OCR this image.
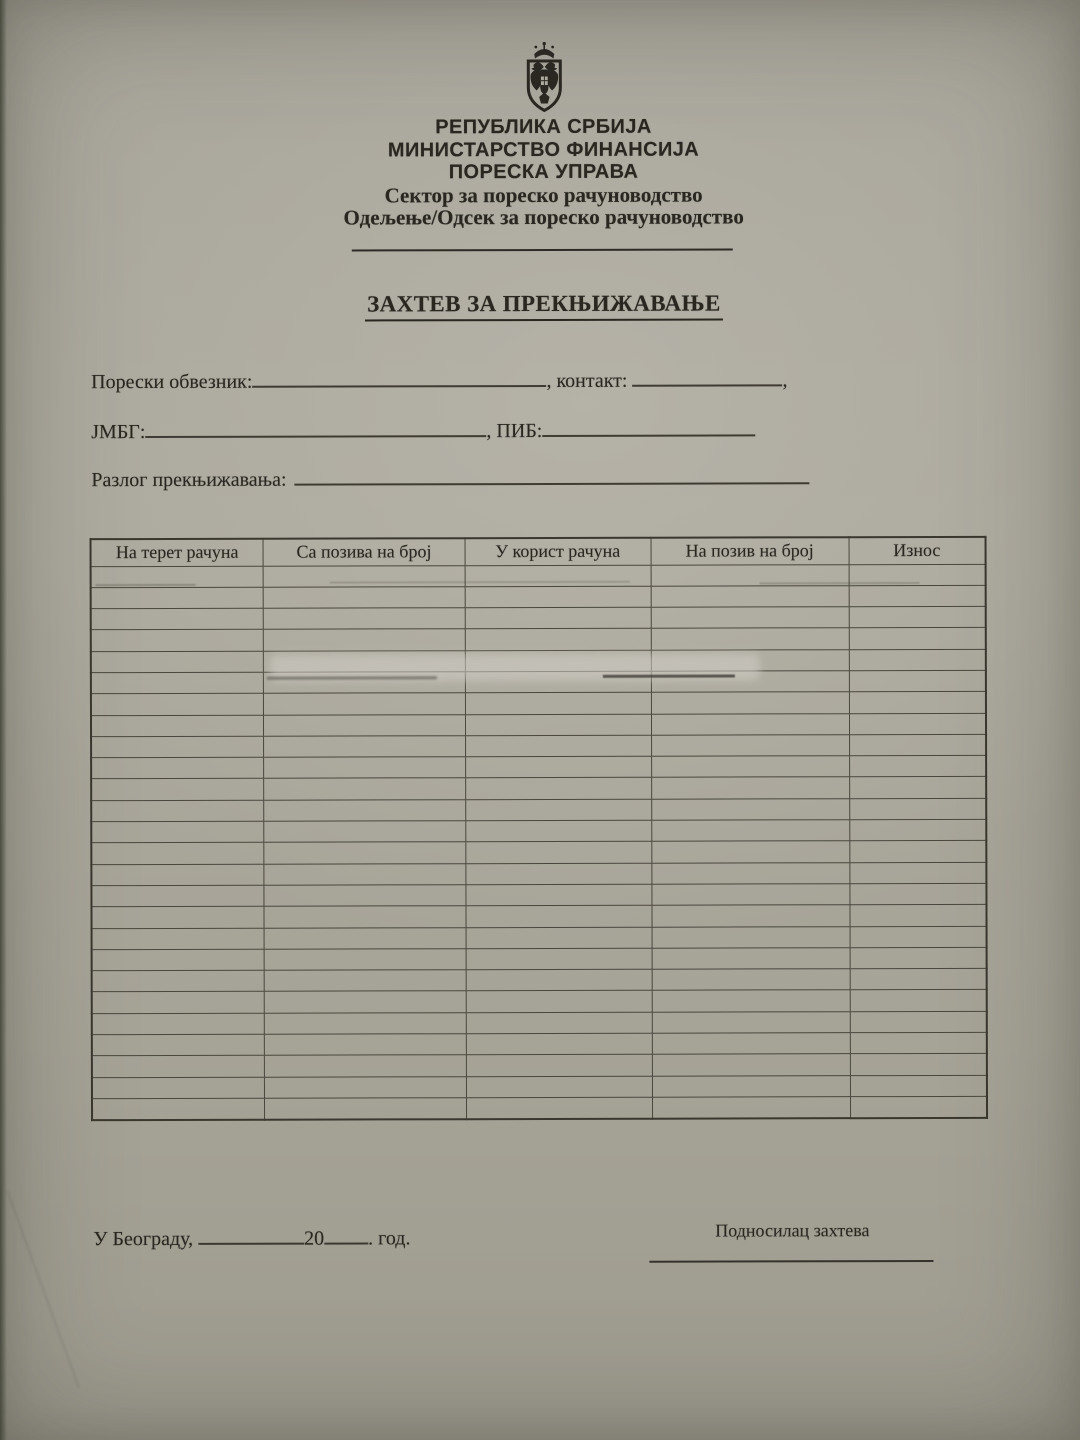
РЕПУБЛИКА СРБИЈА
МИНИСТАРСТВО ФИНАНСИЈА
ПОРЕСКА УПРАВА
Сектор за пореско рачуноводство
Одељење/Одсек за пореско рачуноводство
ЗАХТЕВ ЗА ПРЕКЊИЖАВАЊЕ
Порески обвезник:	, контакт:	,
ЈМБГ:	, ПИБ:
Разлог прекњижавања:
На терет рачуна	Са позива на број	У корист рачуна	На позив на број	Износ

У Београду,	20 . год.	Подносилац захтева
